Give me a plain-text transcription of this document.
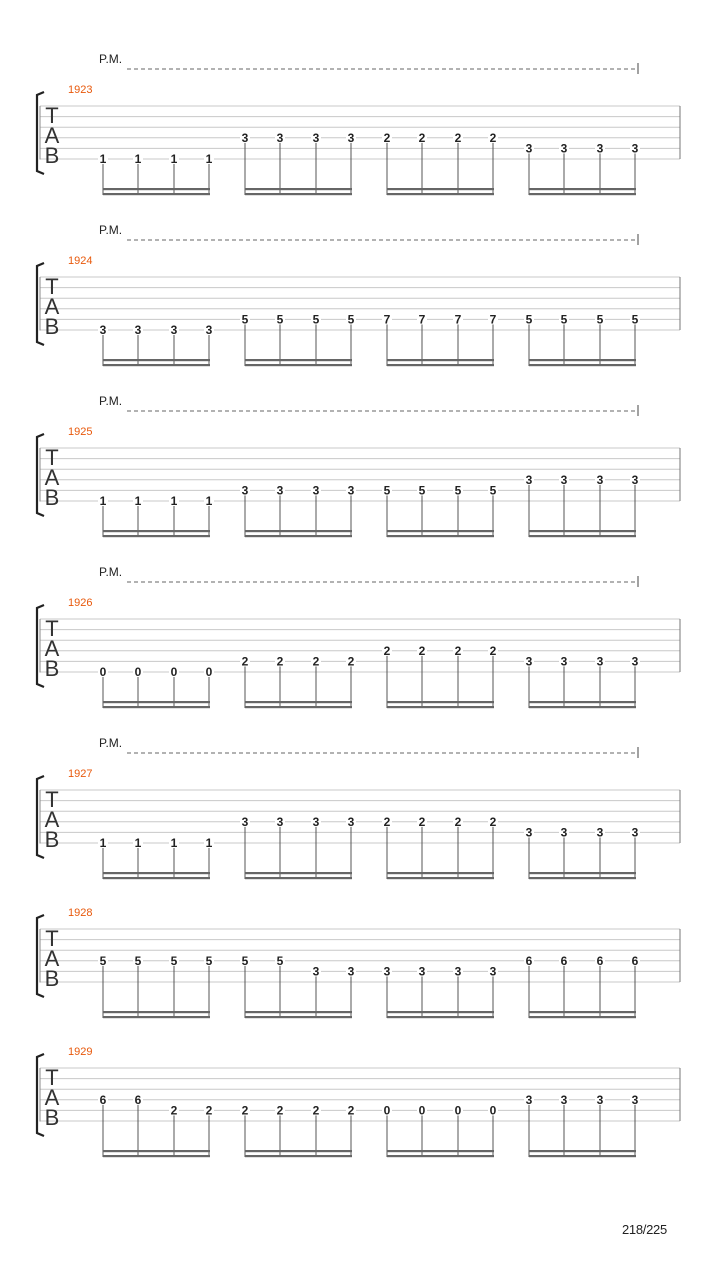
P.M.
1923
T
A
B	1 1 1 1
3 3 3 3 2 2 2 2
3 3 3 3
P.M.
1924
T
A
B	3 3 3 3
5 5 5 5 7 7 7 7 5 5 5 5
P.M.
1925
T
A
B	1 1 1 1
3 3 3 3 5 5 5 5
3 3 3 3
P.M.
1926
T
A
B	0 0 0 0
2 2 2 2
2 2 2 2
3 3 3 3
P.M.
1927
T
A
B	1 1 1 1
3 3 3 3 2 2 2 2
3 3 3 3
1928
T
A
B
5 5 5 5 5 5
3 3 3 3 3 3
6 6 6 6
1929
T
A
B
6 6
2 2 2 2 2 2 0 0 0 0
3 3 3 3
218/225
